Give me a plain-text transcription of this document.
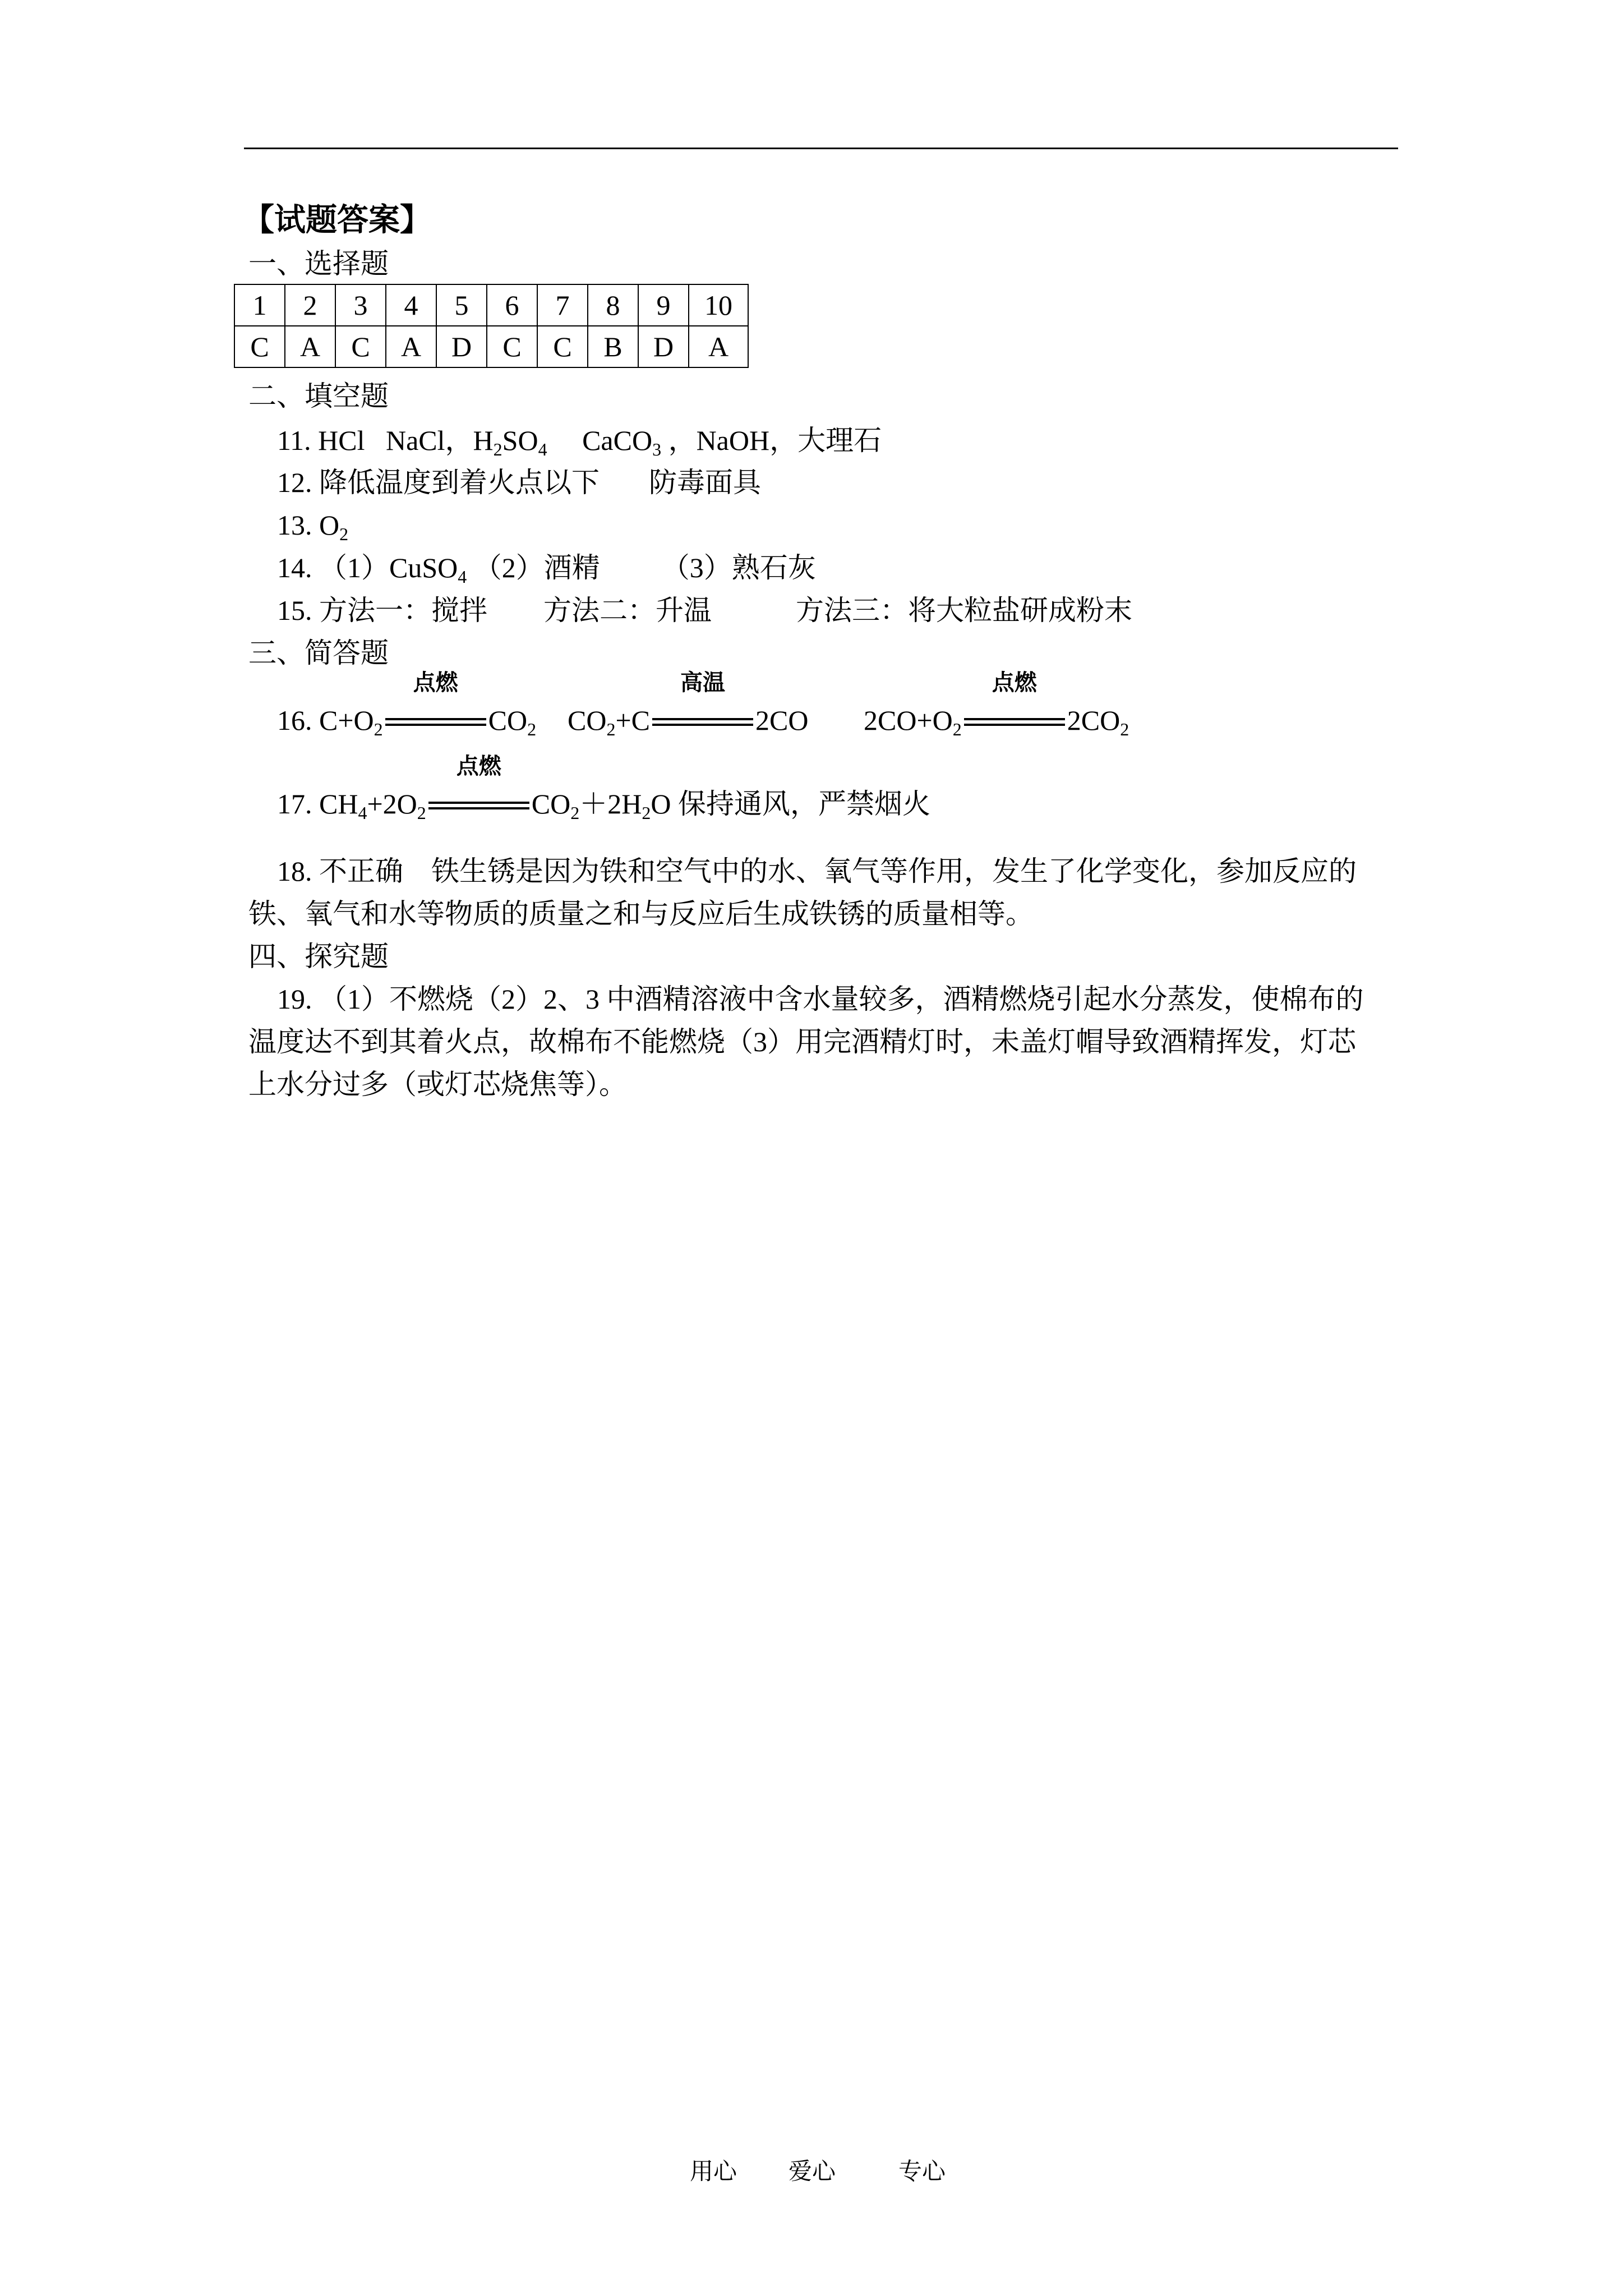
【试题答案】
一、选择题
1	2	3	4	5	6	7	8	9	10
C	A	C	A	D	C	C	B	D	A
二、填空题
11. HCl NaCl，$H_2SO_4$ CaCO$_3$ ，NaOH，大理石
12. 降低温度到着火点以下 防毒面具
13. $O_2$
14. （1）CuSO$_4$ （2）酒精 （3）熟石灰
15. 方法一：搅拌 方法二：升温	方法三：将大粒盐研成粉末
三、简答题
16. $C+O_2$
点燃
$CO_2$ $CO_2+C$
高温
2CO $2CO+O_2$
点燃
$2CO_2$
17. $CH_4+2O_2$
点燃
$CO_2+2H_2O$ 保持通风，严禁烟火
18. 不正确　铁生锈是因为铁和空气中的水、氧气等作用，发生了化学变化，参加反应的
铁、氧气和水等物质的质量之和与反应后生成铁锈的质量相等。
四、探究题
19. （1）不燃烧（2）2、3 中酒精溶液中含水量较多，酒精燃烧引起水分蒸发，使棉布的
温度达不到其着火点，故棉布不能燃烧（3）用完酒精灯时，未盖灯帽导致酒精挥发，灯芯
上水分过多（或灯芯烧焦等）。
用心 爱心	专心
